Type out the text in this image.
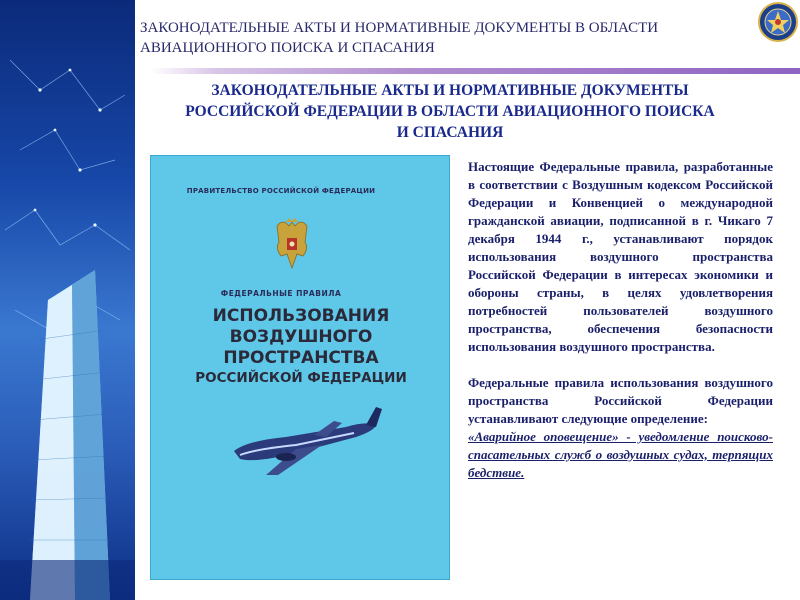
ЗАКОНОДАТЕЛЬНЫЕ АКТЫ И НОРМАТИВНЫЕ ДОКУМЕНТЫ В ОБЛАСТИ
АВИАЦИОННОГО ПОИСКА И СПАСАНИЯ
ЗАКОНОДАТЕЛЬНЫЕ АКТЫ И НОРМАТИВНЫЕ ДОКУМЕНТЫ
РОССИЙСКОЙ ФЕДЕРАЦИИ В ОБЛАСТИ АВИАЦИОННОГО ПОИСКА
И СПАСАНИЯ
ПРАВИТЕЛЬСТВО РОССИЙСКОЙ ФЕДЕРАЦИИ
ФЕДЕРАЛЬНЫЕ ПРАВИЛА
ИСПОЛЬЗОВАНИЯ
ВОЗДУШНОГО
ПРОСТРАНСТВА
РОССИЙСКОЙ ФЕДЕРАЦИИ

Настоящие Федеральные правила, разработанные в соответствии с Воздушным кодексом Российской Федерации и Конвенцией о международной гражданской авиации, подписанной в г. Чикаго 7 декабря 1944 г., устанавливают порядок использования воздушного пространства Российской Федерации в интересах экономики и обороны страны, в целях удовлетворения потребностей пользователей воздушного пространства, обеспечения безопасности использования воздушного пространства.

Федеральные правила использования воздушного пространства Российской Федерации устанавливают следующие определение:
«Аварийное оповещение» - уведомление поисково-спасательных служб о воздушных судах, терпящих бедствие.
